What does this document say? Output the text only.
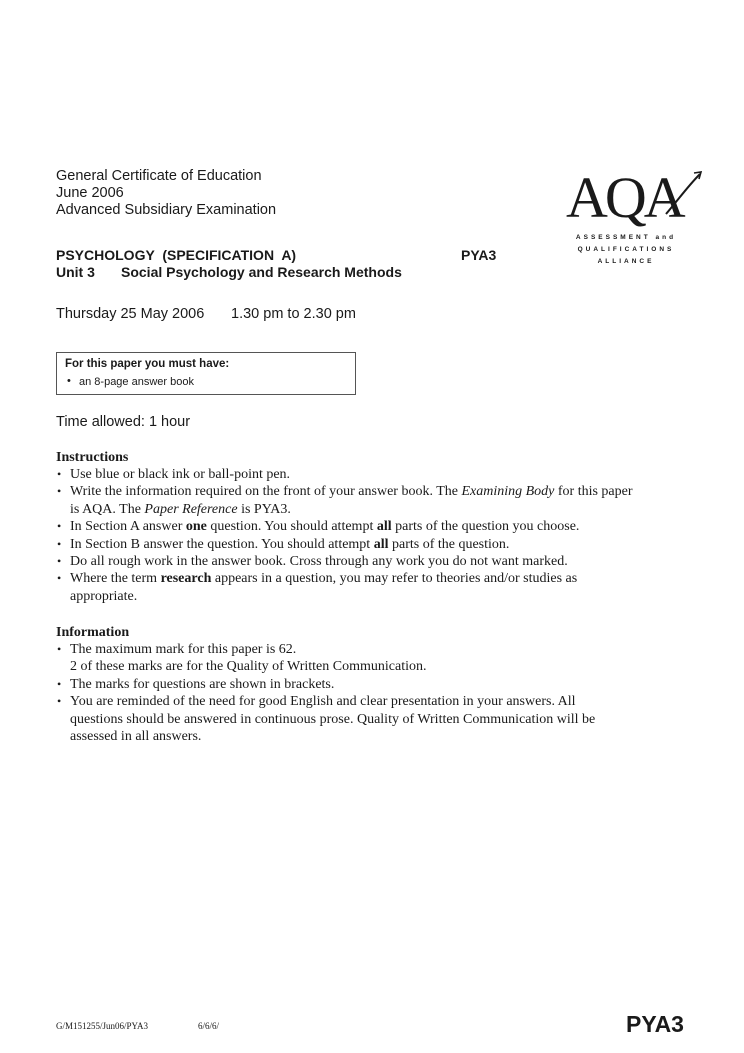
General Certificate of Education
June 2006
Advanced Subsidiary Examination	AQA
ASSESSMENT and
QUALIFICATIONS
ALLIANCE
PSYCHOLOGY  (SPECIFICATION  A)	PYA3
Unit 3 Social Psychology and Research Methods
Thursday 25 May 2006 1.30 pm to 2.30 pm
For this paper you must have:
• an 8-page answer book
Time allowed: 1 hour
Instructions
• Use blue or black ink or ball-point pen.
• Write the information required on the front of your answer book. The Examining Body for this paper
is AQA. The Paper Reference is PYA3.
• In Section A answer one question. You should attempt all parts of the question you choose.
• In Section B answer the question. You should attempt all parts of the question.
• Do all rough work in the answer book. Cross through any work you do not want marked.
• Where the term research appears in a question, you may refer to theories and/or studies as
appropriate.
Information
• The maximum mark for this paper is 62.
2 of these marks are for the Quality of Written Communication.
• The marks for questions are shown in brackets.
• You are reminded of the need for good English and clear presentation in your answers. All
questions should be answered in continuous prose. Quality of Written Communication will be
assessed in all answers.
G/M151255/Jun06/PYA3	6/6/6/	PYA3
